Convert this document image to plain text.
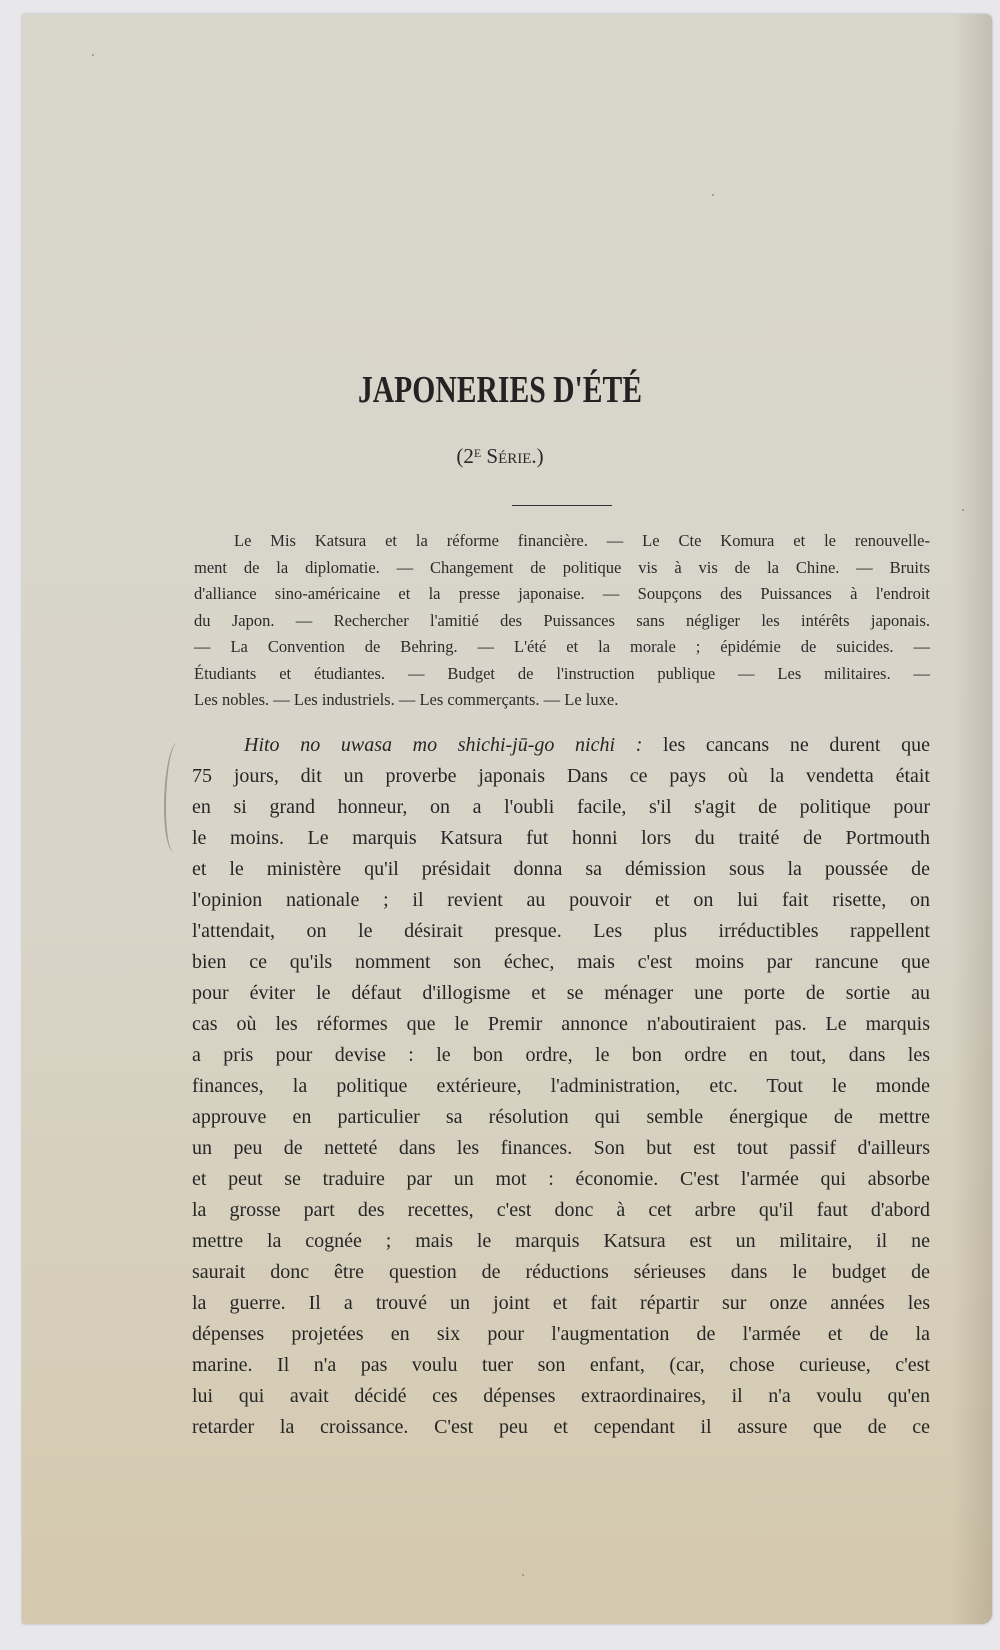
JAPONERIES D'ÉTÉ
($2^E$ Série.)
Le Mis Katsura et la réforme financière. — Le Cte Komura et le renouvelle-
ment de la diplomatie. — Changement de politique vis à vis de la Chine. — Bruits
d'alliance sino-américaine et la presse japonaise. — Soupçons des Puissances à l'endroit
du Japon. — Rechercher l'amitié des Puissances sans négliger les intérêts japonais.
— La Convention de Behring. — L'été et la morale ; épidémie de suicides. —
Étudiants et étudiantes. — Budget de l'instruction publique — Les militaires. —
Les nobles. — Les industriels. — Les commerçants. — Le luxe.
Hito no uwasa mo shichi-jū-go nichi : les cancans ne durent que
75 jours, dit un proverbe japonais Dans ce pays où la vendetta était
en si grand honneur, on a l'oubli facile, s'il s'agit de politique pour
le moins. Le marquis Katsura fut honni lors du traité de Portmouth
et le ministère qu'il présidait donna sa démission sous la poussée de
l'opinion nationale ; il revient au pouvoir et on lui fait risette, on
l'attendait, on le désirait presque. Les plus irréductibles rappellent
bien ce qu'ils nomment son échec, mais c'est moins par rancune que
pour éviter le défaut d'illogisme et se ménager une porte de sortie au
cas où les réformes que le Premir annonce n'aboutiraient pas. Le marquis
a pris pour devise : le bon ordre, le bon ordre en tout, dans les
finances, la politique extérieure, l'administration, etc. Tout le monde
approuve en particulier sa résolution qui semble énergique de mettre
un peu de netteté dans les finances. Son but est tout passif d'ailleurs
et peut se traduire par un mot : économie. C'est l'armée qui absorbe
la grosse part des recettes, c'est donc à cet arbre qu'il faut d'abord
mettre la cognée ; mais le marquis Katsura est un militaire, il ne
saurait donc être question de réductions sérieuses dans le budget de
la guerre. Il a trouvé un joint et fait répartir sur onze années les
dépenses projetées en six pour l'augmentation de l'armée et de la
marine. Il n'a pas voulu tuer son enfant, (car, chose curieuse, c'est
lui qui avait décidé ces dépenses extraordinaires, il n'a voulu qu'en
retarder la croissance. C'est peu et cependant il assure que de ce
